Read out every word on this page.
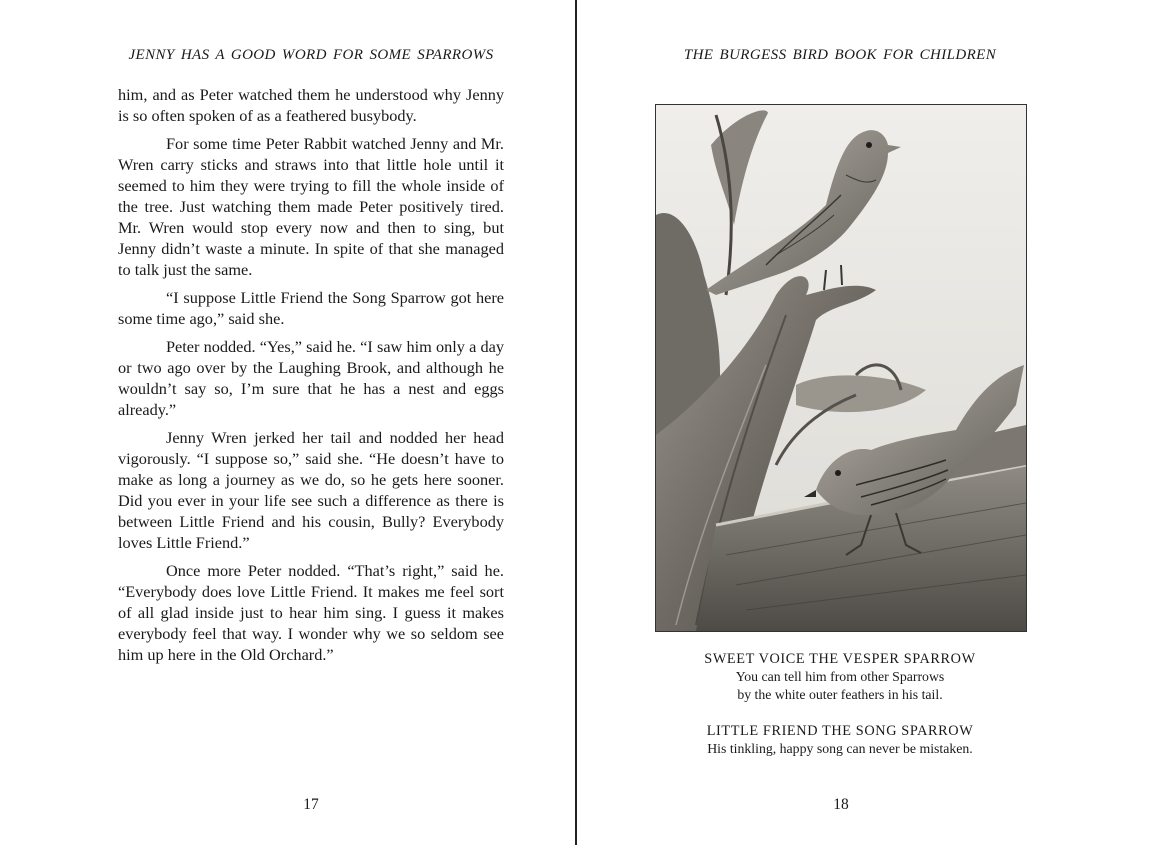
JENNY HAS A GOOD WORD FOR SOME SPARROWS

him, and as Peter watched them he understood why Jenny is so often spoken of as a feathered busybody.

For some time Peter Rabbit watched Jenny and Mr. Wren carry sticks and straws into that little hole until it seemed to him they were trying to fill the whole inside of the tree. Just watching them made Peter positively tired. Mr. Wren would stop every now and then to sing, but Jenny didn’t waste a minute. In spite of that she managed to talk just the same.

“I suppose Little Friend the Song Sparrow got here some time ago,” said she.

Peter nodded. “Yes,” said he. “I saw him only a day or two ago over by the Laughing Brook, and although he wouldn’t say so, I’m sure that he has a nest and eggs already.”

Jenny Wren jerked her tail and nodded her head vigorously. “I suppose so,” said she. “He doesn’t have to make as long a journey as we do, so he gets here sooner. Did you ever in your life see such a difference as there is between Little Friend and his cousin, Bully? Everybody loves Little Friend.”

Once more Peter nodded. “That’s right,” said he. “Everybody does love Little Friend. It makes me feel sort of all glad inside just to hear him sing. I guess it makes everybody feel that way. I wonder why we so seldom see him up here in the Old Orchard.”

17
THE BURGESS BIRD BOOK FOR CHILDREN
SWEET VOICE THE VESPER SPARROW
You can tell him from other Sparrows
by the white outer feathers in his tail.
LITTLE FRIEND THE SONG SPARROW
His tinkling, happy song can never be mistaken.
18
